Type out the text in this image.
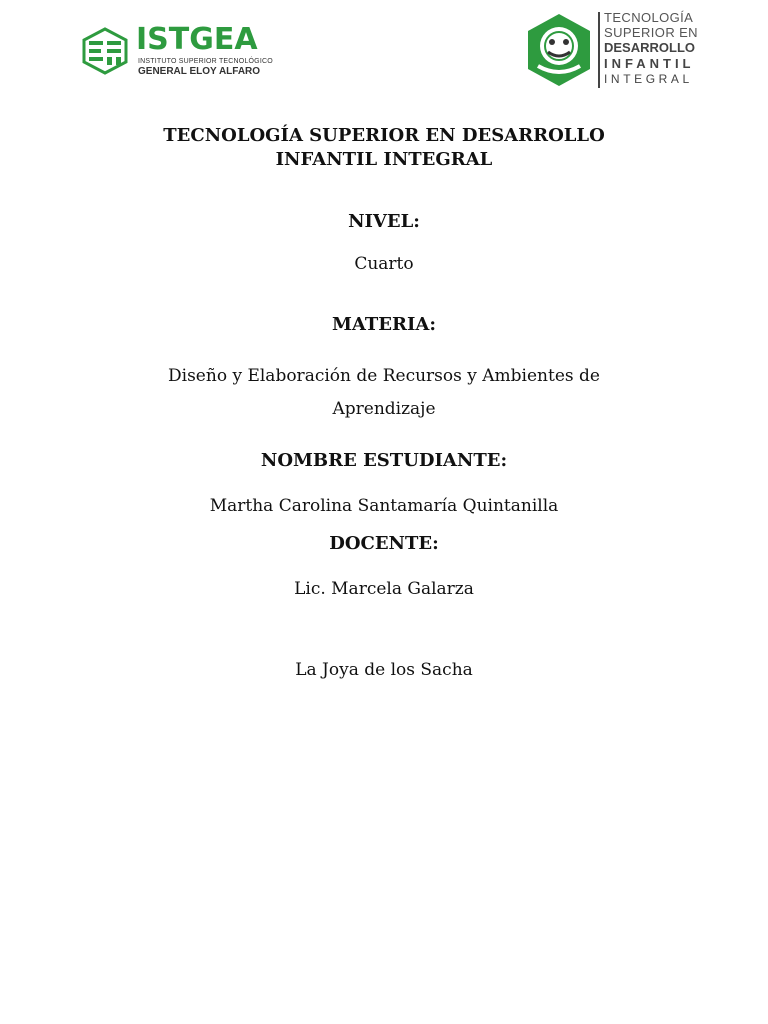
ISTGEA
INSTITUTO SUPERIOR TECNOLÓGICO
GENERAL ELOY ALFARO
TECNOLOGÍA
SUPERIOR EN
DESARROLLO
INFANTIL
INTEGRAL
TECNOLOGÍA SUPERIOR EN DESARROLLO
INFANTIL INTEGRAL
NIVEL:
Cuarto
MATERIA:
Diseño y Elaboración de Recursos y Ambientes de
Aprendizaje
NOMBRE ESTUDIANTE:
Martha Carolina Santamaría Quintanilla
DOCENTE:
Lic. Marcela Galarza
La Joya de los Sacha
